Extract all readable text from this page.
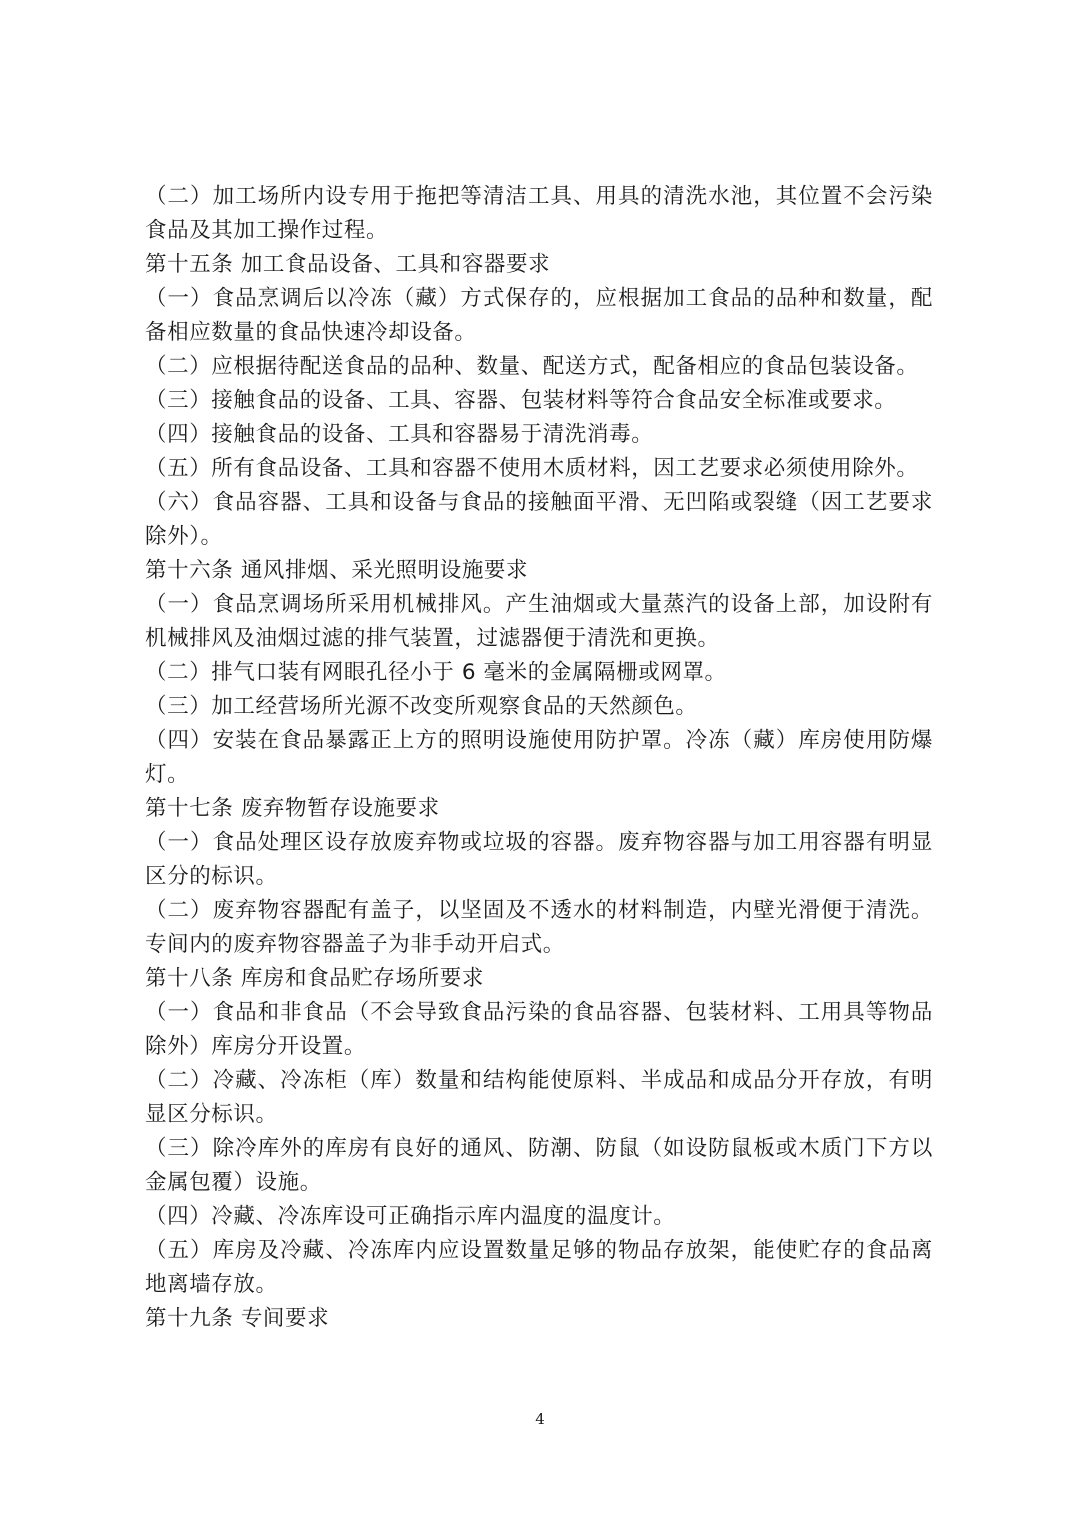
（二）加工场所内设专用于拖把等清洁工具、用具的清洗水池，其位置不会污染食品及其加工操作过程。

第十五条 加工食品设备、工具和容器要求

（一）食品烹调后以冷冻（藏）方式保存的，应根据加工食品的品种和数量，配备相应数量的食品快速冷却设备。

（二）应根据待配送食品的品种、数量、配送方式，配备相应的食品包装设备。

（三）接触食品的设备、工具、容器、包装材料等符合食品安全标准或要求。

（四）接触食品的设备、工具和容器易于清洗消毒。

（五）所有食品设备、工具和容器不使用木质材料，因工艺要求必须使用除外。

（六）食品容器、工具和设备与食品的接触面平滑、无凹陷或裂缝（因工艺要求除外）。

第十六条 通风排烟、采光照明设施要求

（一）食品烹调场所采用机械排风。产生油烟或大量蒸汽的设备上部，加设附有机械排风及油烟过滤的排气装置，过滤器便于清洗和更换。

（二）排气口装有网眼孔径小于 6 毫米的金属隔栅或网罩。

（三）加工经营场所光源不改变所观察食品的天然颜色。

（四）安装在食品暴露正上方的照明设施使用防护罩。冷冻（藏）库房使用防爆灯。

第十七条 废弃物暂存设施要求

（一）食品处理区设存放废弃物或垃圾的容器。废弃物容器与加工用容器有明显区分的标识。

（二）废弃物容器配有盖子，以坚固及不透水的材料制造，内壁光滑便于清洗。专间内的废弃物容器盖子为非手动开启式。

第十八条 库房和食品贮存场所要求

（一）食品和非食品（不会导致食品污染的食品容器、包装材料、工用具等物品除外）库房分开设置。

（二）冷藏、冷冻柜（库）数量和结构能使原料、半成品和成品分开存放，有明显区分标识。

（三）除冷库外的库房有良好的通风、防潮、防鼠（如设防鼠板或木质门下方以金属包覆）设施。

（四）冷藏、冷冻库设可正确指示库内温度的温度计。

（五）库房及冷藏、冷冻库内应设置数量足够的物品存放架，能使贮存的食品离地离墙存放。

第十九条 专间要求

4
